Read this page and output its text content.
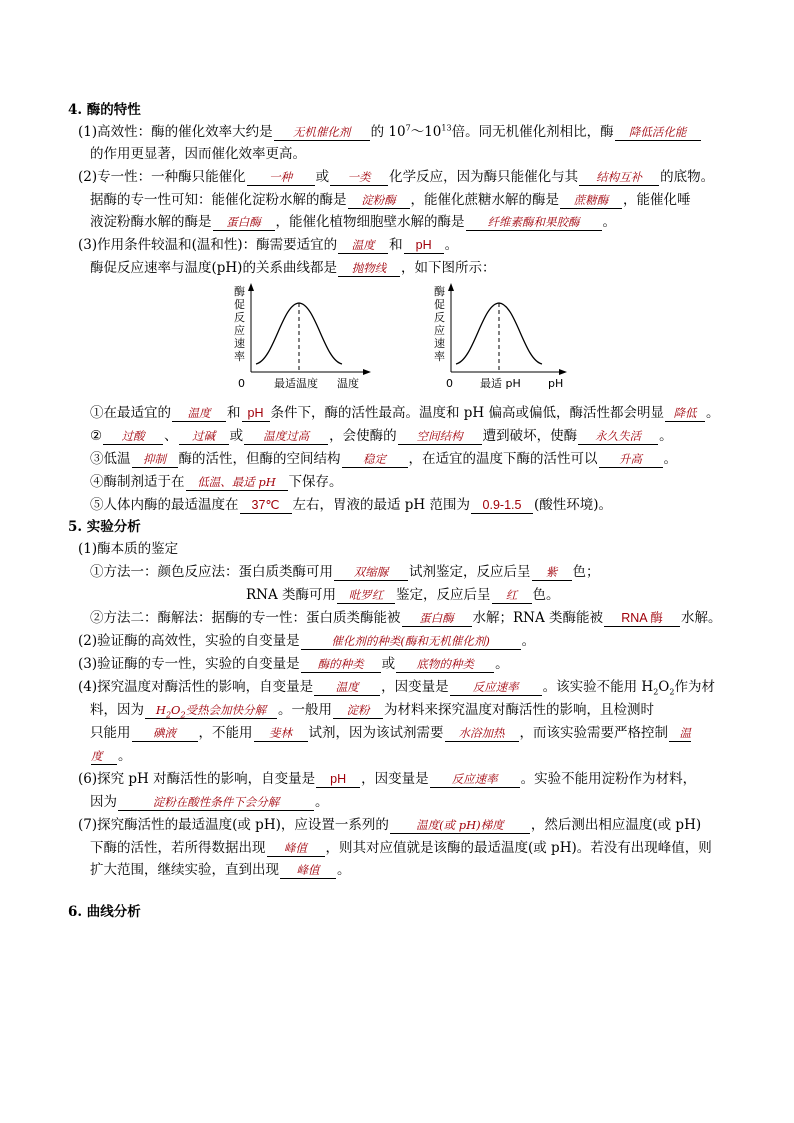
4. 酶的特性
(1)高效性：酶的催化效率大约是 无机催化剂 的 $10^7\sim 10^{13}$倍。同无机催化剂相比，酶 降低活化能
的作用更显著，因而催化效率更高。
(2)专一性：一种酶只能催化 一种 或 一类 化学反应，因为酶只能催化与其 结构互补 的底物。
据酶的专一性可知：能催化淀粉水解的酶是 淀粉酶 ，能催化蔗糖水解的酶是 蔗糖酶 ，能催化唾
液淀粉酶水解的酶是 蛋白酶 ，能催化植物细胞壁水解的酶是 纤维素酶和果胶酶 。
(3)作用条件较温和(温和性)：酶需要适宜的 温度 和 pH 。
酶促反应速率与温度(pH)的关系曲线都是 抛物线 ，如下图所示：
酶
促
反
应
速
率
0	最适温度 温度
酶
促
反
应
速
率
0 最适 pH pH
①在最适宜的 温度 和 pH 条件下，酶的活性最高。温度和 pH 偏高或偏低，酶活性都会明显 降低 。
② 过酸 、 过碱 或 温度过高 ，会使酶的 空间结构 遭到破坏，使酶 永久失活 。
③低温 抑制 酶的活性，但酶的空间结构 稳定 ，在适宜的温度下酶的活性可以 升高 。
④酶制剂适于在 低温、最适 pH 下保存。
⑤人体内酶的最适温度在 37℃ 左右，胃液的最适 pH 范围为 0.9-1.5 (酸性环境)。
5. 实验分析
(1)酶本质的鉴定
①方法一：颜色反应法：蛋白质类酶可用 双缩脲 试剂鉴定，反应后呈 紫 色；
RNA 类酶可用 吡罗红 鉴定，反应后呈 红 色。
②方法二：酶解法：据酶的专一性：蛋白质类酶能被 蛋白酶 水解；RNA 类酶能被 RNA 酶 水解。
(2)验证酶的高效性，实验的自变量是	催化剂的种类(酶和无机催化剂) 。
(3)验证酶的专一性，实验的自变量是 酶的种类 或 底物的种类 。
(4)探究温度对酶活性的影响，自变量是 温度 ，因变量是 反应速率 。该实验不能用 $H_2O_2$作为材
料，因为 $H_2O_2$受热会加快分解 。一般用 淀粉 为材料来探究温度对酶活性的影响，且检测时
只能用 碘液 ，不能用 斐林 试剂，因为该试剂需要 水浴加热 ，而该实验需要严格控制 温
度 。
(6)探究 pH 对酶活性的影响，自变量是 pH ，因变量是 反应速率 。实验不能用淀粉作为材料，
因为	淀粉在酸性条件下会分解	。
(7)探究酶活性的最适温度(或 pH)，应设置一系列的 温度(或 pH)梯度 ，然后测出相应温度(或 pH)
下酶的活性，若所得数据出现 峰值 ，则其对应值就是该酶的最适温度(或 pH)。若没有出现峰值，则
扩大范围，继续实验，直到出现 峰值 。
6. 曲线分析
